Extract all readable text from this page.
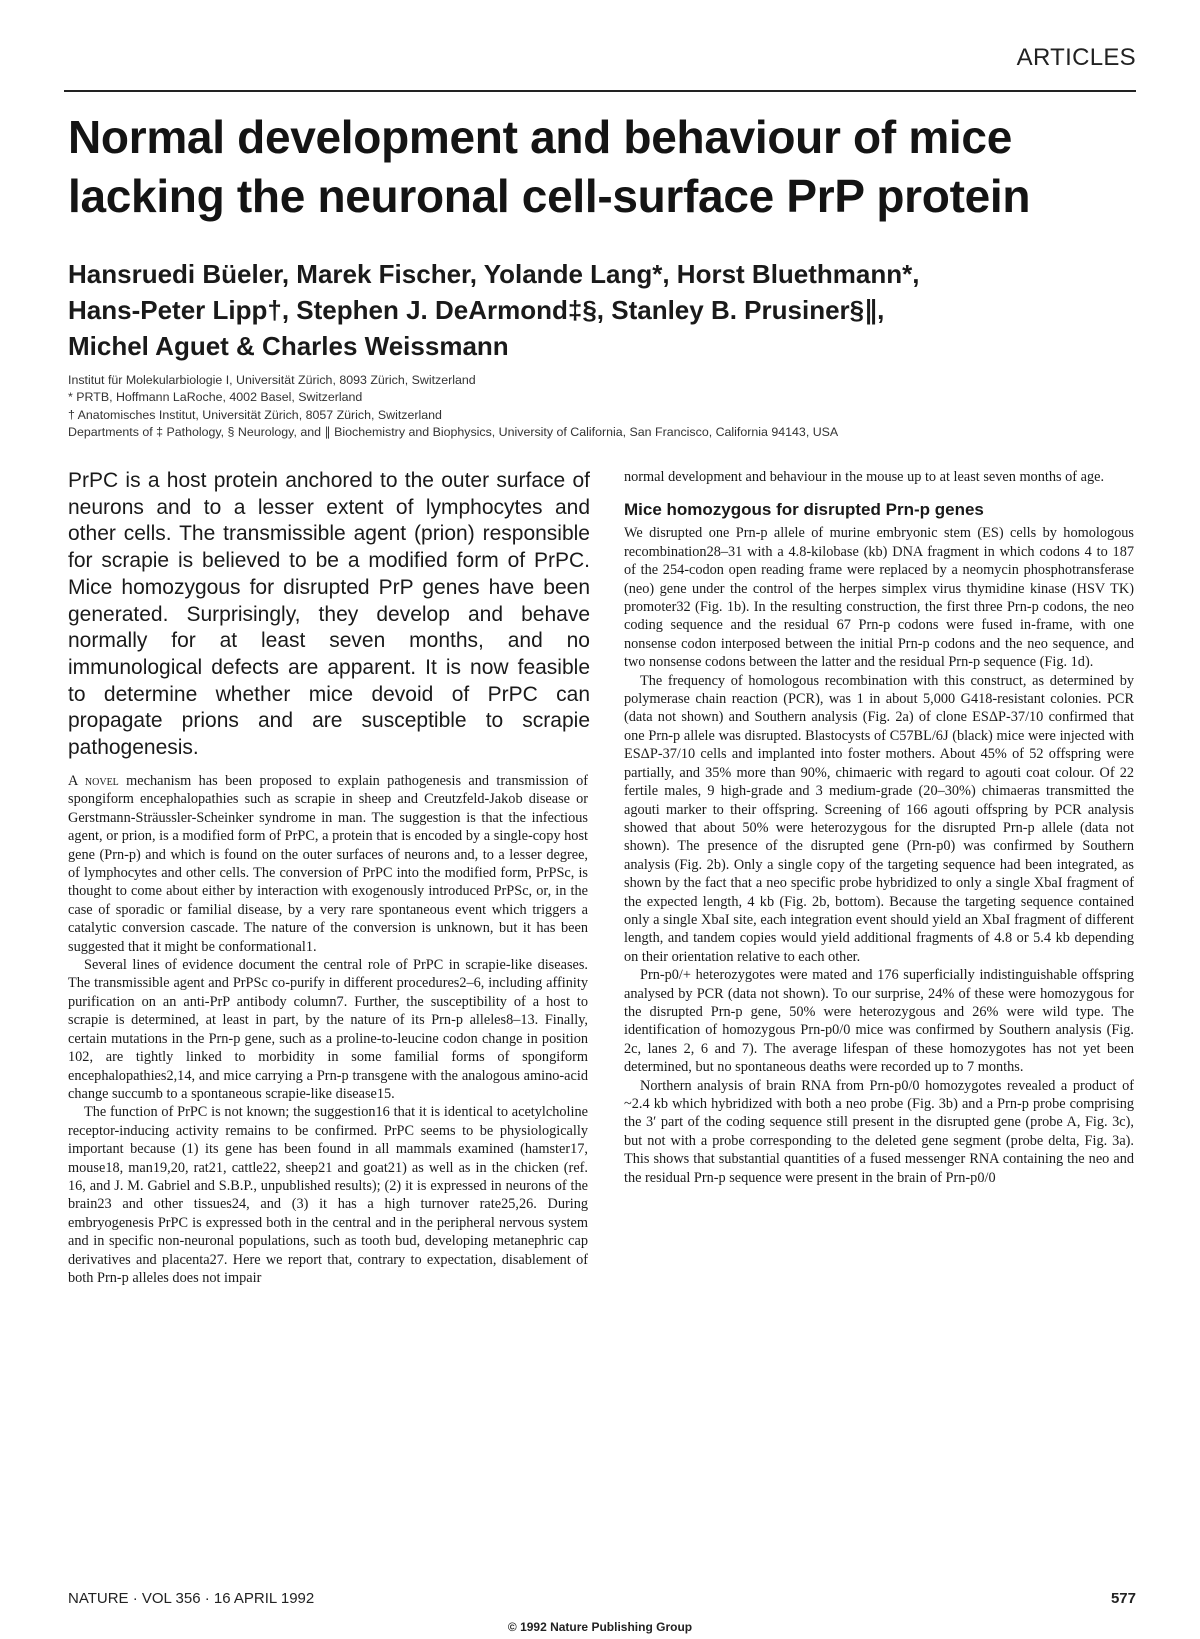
ARTICLES
Normal development and behaviour of mice lacking the neuronal cell-surface PrP protein
Hansruedi Büeler, Marek Fischer, Yolande Lang*, Horst Bluethmann*,
Hans-Peter Lipp†, Stephen J. DeArmond‡§, Stanley B. Prusiner§∥,
Michel Aguet & Charles Weissmann
Institut für Molekularbiologie I, Universität Zürich, 8093 Zürich, Switzerland
* PRTB, Hoffmann LaRoche, 4002 Basel, Switzerland
† Anatomisches Institut, Universität Zürich, 8057 Zürich, Switzerland
Departments of ‡ Pathology, § Neurology, and ∥ Biochemistry and Biophysics, University of California, San Francisco, California 94143, USA
PrPC is a host protein anchored to the outer surface of neurons and to a lesser extent of lymphocytes and other cells. The transmissible agent (prion) responsible for scrapie is believed to be a modified form of PrPC. Mice homozygous for disrupted PrP genes have been generated. Surprisingly, they develop and behave normally for at least seven months, and no immunological defects are apparent. It is now feasible to determine whether mice devoid of PrPC can propagate prions and are susceptible to scrapie pathogenesis.

A novel mechanism has been proposed to explain pathogenesis and transmission of spongiform encephalopathies such as scrapie in sheep and Creutzfeld-Jakob disease or Gerstmann-Sträussler-Scheinker syndrome in man. The suggestion is that the infectious agent, or prion, is a modified form of PrPC, a protein that is encoded by a single-copy host gene (Prn-p) and which is found on the outer surfaces of neurons and, to a lesser degree, of lymphocytes and other cells. The conversion of PrPC into the modified form, PrPSc, is thought to come about either by interaction with exogenously introduced PrPSc, or, in the case of sporadic or familial disease, by a very rare spontaneous event which triggers a catalytic conversion cascade. The nature of the conversion is unknown, but it has been suggested that it might be conformational1.

Several lines of evidence document the central role of PrPC in scrapie-like diseases. The transmissible agent and PrPSc co-purify in different procedures2–6, including affinity purification on an anti-PrP antibody column7. Further, the susceptibility of a host to scrapie is determined, at least in part, by the nature of its Prn-p alleles8–13. Finally, certain mutations in the Prn-p gene, such as a proline-to-leucine codon change in position 102, are tightly linked to morbidity in some familial forms of spongiform encephalopathies2,14, and mice carrying a Prn-p transgene with the analogous amino-acid change succumb to a spontaneous scrapie-like disease15.

The function of PrPC is not known; the suggestion16 that it is identical to acetylcholine receptor-inducing activity remains to be confirmed. PrPC seems to be physiologically important because (1) its gene has been found in all mammals examined (hamster17, mouse18, man19,20, rat21, cattle22, sheep21 and goat21) as well as in the chicken (ref. 16, and J. M. Gabriel and S.B.P., unpublished results); (2) it is expressed in neurons of the brain23 and other tissues24, and (3) it has a high turnover rate25,26. During embryogenesis PrPC is expressed both in the central and in the peripheral nervous system and in specific non-neuronal populations, such as tooth bud, developing metanephric cap derivatives and placenta27. Here we report that, contrary to expectation, disablement of both Prn-p alleles does not impair

normal development and behaviour in the mouse up to at least seven months of age.

Mice homozygous for disrupted Prn-p genes

We disrupted one Prn-p allele of murine embryonic stem (ES) cells by homologous recombination28–31 with a 4.8-kilobase (kb) DNA fragment in which codons 4 to 187 of the 254-codon open reading frame were replaced by a neomycin phosphotransferase (neo) gene under the control of the herpes simplex virus thymidine kinase (HSV TK) promoter32 (Fig. 1b). In the resulting construction, the first three Prn-p codons, the neo coding sequence and the residual 67 Prn-p codons were fused in-frame, with one nonsense codon interposed between the initial Prn-p codons and the neo sequence, and two nonsense codons between the latter and the residual Prn-p sequence (Fig. 1d).

The frequency of homologous recombination with this construct, as determined by polymerase chain reaction (PCR), was 1 in about 5,000 G418-resistant colonies. PCR (data not shown) and Southern analysis (Fig. 2a) of clone ESΔP-37/10 confirmed that one Prn-p allele was disrupted. Blastocysts of C57BL/6J (black) mice were injected with ESΔP-37/10 cells and implanted into foster mothers. About 45% of 52 offspring were partially, and 35% more than 90%, chimaeric with regard to agouti coat colour. Of 22 fertile males, 9 high-grade and 3 medium-grade (20–30%) chimaeras transmitted the agouti marker to their offspring. Screening of 166 agouti offspring by PCR analysis showed that about 50% were heterozygous for the disrupted Prn-p allele (data not shown). The presence of the disrupted gene (Prn-p0) was confirmed by Southern analysis (Fig. 2b). Only a single copy of the targeting sequence had been integrated, as shown by the fact that a neo specific probe hybridized to only a single XbaI fragment of the expected length, 4 kb (Fig. 2b, bottom). Because the targeting sequence contained only a single XbaI site, each integration event should yield an XbaI fragment of different length, and tandem copies would yield additional fragments of 4.8 or 5.4 kb depending on their orientation relative to each other.

Prn-p0/+ heterozygotes were mated and 176 superficially indistinguishable offspring analysed by PCR (data not shown). To our surprise, 24% of these were homozygous for the disrupted Prn-p gene, 50% were heterozygous and 26% were wild type. The identification of homozygous Prn-p0/0 mice was confirmed by Southern analysis (Fig. 2c, lanes 2, 6 and 7). The average lifespan of these homozygotes has not yet been determined, but no spontaneous deaths were recorded up to 7 months.

Northern analysis of brain RNA from Prn-p0/0 homozygotes revealed a product of ~2.4 kb which hybridized with both a neo probe (Fig. 3b) and a Prn-p probe comprising the 3′ part of the coding sequence still present in the disrupted gene (probe A, Fig. 3c), but not with a probe corresponding to the deleted gene segment (probe delta, Fig. 3a). This shows that substantial quantities of a fused messenger RNA containing the neo and the residual Prn-p sequence were present in the brain of Prn-p0/0

NATURE · VOL 356 · 16 APRIL 1992	577
© 1992 Nature Publishing Group
